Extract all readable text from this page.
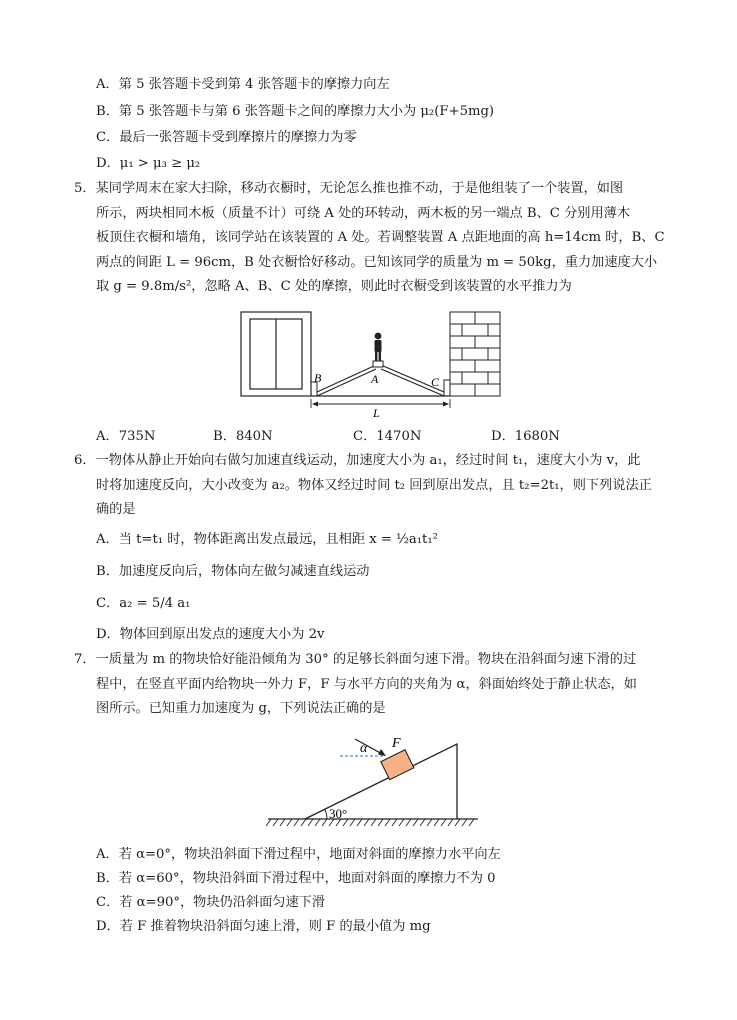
A．第 5 张答题卡受到第 4 张答题卡的摩擦力向左
B．第 5 张答题卡与第 6 张答题卡之间的摩擦力大小为 μ₂(F+5mg)
C．最后一张答题卡受到摩擦片的摩擦力为零
D．μ₁ > μ₃ ≥ μ₂
5．某同学周末在家大扫除，移动衣橱时，无论怎么推也推不动，于是他组装了一个装置，如图
所示，两块相同木板（质量不计）可绕 A 处的环转动，两木板的另一端点 B、C 分别用薄木
板顶住衣橱和墙角，该同学站在该装置的 A 处。若调整装置 A 点距地面的高 h=14cm 时，B、C
两点的间距 L = 96cm，B 处衣橱恰好移动。已知该同学的质量为 m = 50kg，重力加速度大小
取 g = 9.8m/s²，忽略 A、B、C 处的摩擦，则此时衣橱受到该装置的水平推力为
B	A	C
L
A．735N	B．840N	C．1470N	D．1680N
6．一物体从静止开始向右做匀加速直线运动，加速度大小为 a₁，经过时间 t₁，速度大小为 v，此
时将加速度反向，大小改变为 a₂。物体又经过时间 t₂ 回到原出发点，且 t₂=2t₁，则下列说法正
确的是
A．当 t=t₁ 时，物体距离出发点最远，且相距 x = ½a₁t₁²
B．加速度反向后，物体向左做匀减速直线运动
C．a₂ = 5/4 a₁
D．物体回到原出发点的速度大小为 2v
7．一质量为 m 的物块恰好能沿倾角为 30° 的足够长斜面匀速下滑。物块在沿斜面匀速下滑的过
程中，在竖直平面内给物块一外力 F，F 与水平方向的夹角为 α，斜面始终处于静止状态，如
图所示。已知重力加速度为 g，下列说法正确的是
30°
α F
A．若 α=0°，物块沿斜面下滑过程中，地面对斜面的摩擦力水平向左
B．若 α=60°，物块沿斜面下滑过程中，地面对斜面的摩擦力不为 0
C．若 α=90°，物块仍沿斜面匀速下滑
D．若 F 推着物块沿斜面匀速上滑，则 F 的最小值为 mg
